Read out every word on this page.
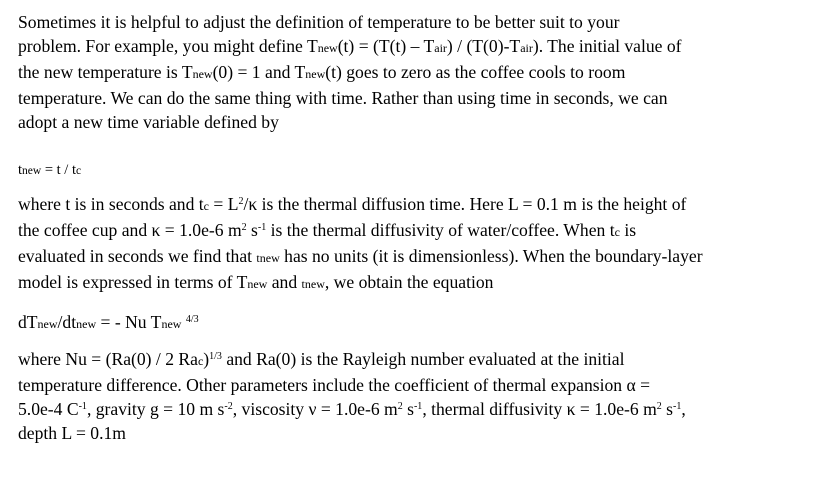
Sometimes it is helpful to adjust the definition of temperature to be better suit to your
problem. For example, you might define Tnew(t) = (T(t) – Tair) / (T(0)-Tair). The initial value of
the new temperature is Tnew(0) = 1 and Tnew(t) goes to zero as the coffee cools to room
temperature. We can do the same thing with time. Rather than using time in seconds, we can
adopt a new time variable defined by

tnew = t / tc

where t is in seconds and tc = $L^2/\kappa$ is the thermal diffusion time. Here L = 0.1 m is the height of
the coffee cup and κ = 1.0e-6 $m^2$ $s^{-1}$ is the thermal diffusivity of water/coffee. When tc is
evaluated in seconds we find that tnew has no units (it is dimensionless). When the boundary-layer
model is expressed in terms of Tnew and tnew, we obtain the equation

dTnew/dtnew = - Nu Tnew $^{4/3}$

where Nu = (Ra(0) / 2 Rac)$^{1/3}$ and Ra(0) is the Rayleigh number evaluated at the initial
temperature difference. Other parameters include the coefficient of thermal expansion α =
5.0e-4 $C^{-1}$, gravity g = 10 m $s^{-2}$, viscosity ν = 1.0e-6 $m^2$ $s^{-1}$, thermal diffusivity κ = 1.0e-6 $m^2$ $s^{-1}$,
depth L = 0.1m
